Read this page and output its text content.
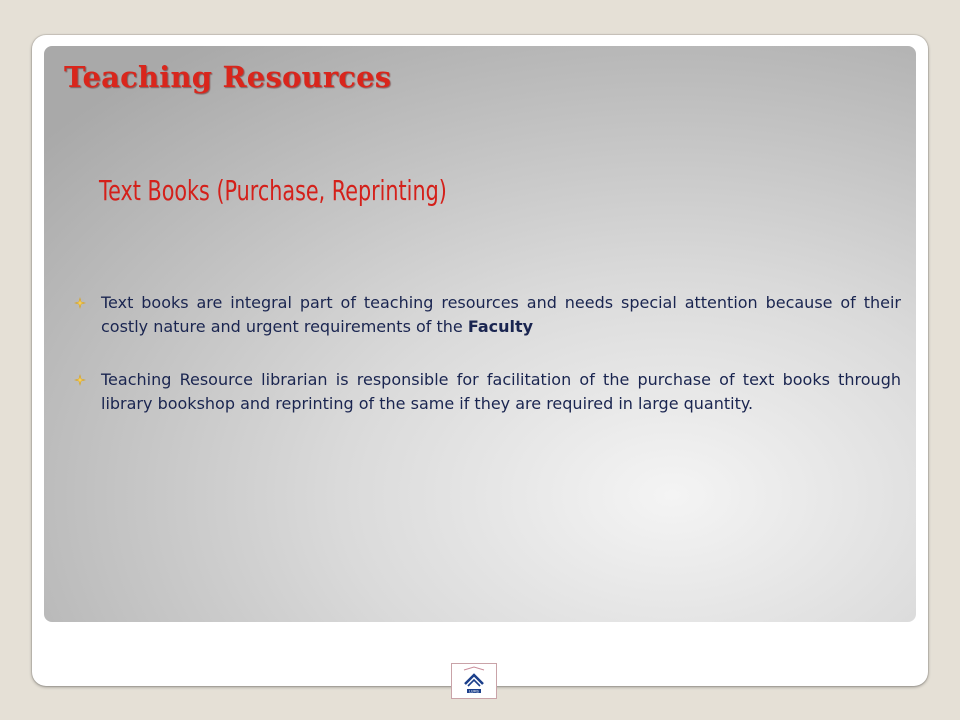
Teaching Resources
Text Books (Purchase, Reprinting)
Text books are integral part of teaching resources and needs special attention because of their costly nature and urgent requirements of the Faculty
Teaching Resource librarian is responsible for facilitation of the purchase of text books through library bookshop and reprinting of the same if they are required in large quantity.
LUMS
